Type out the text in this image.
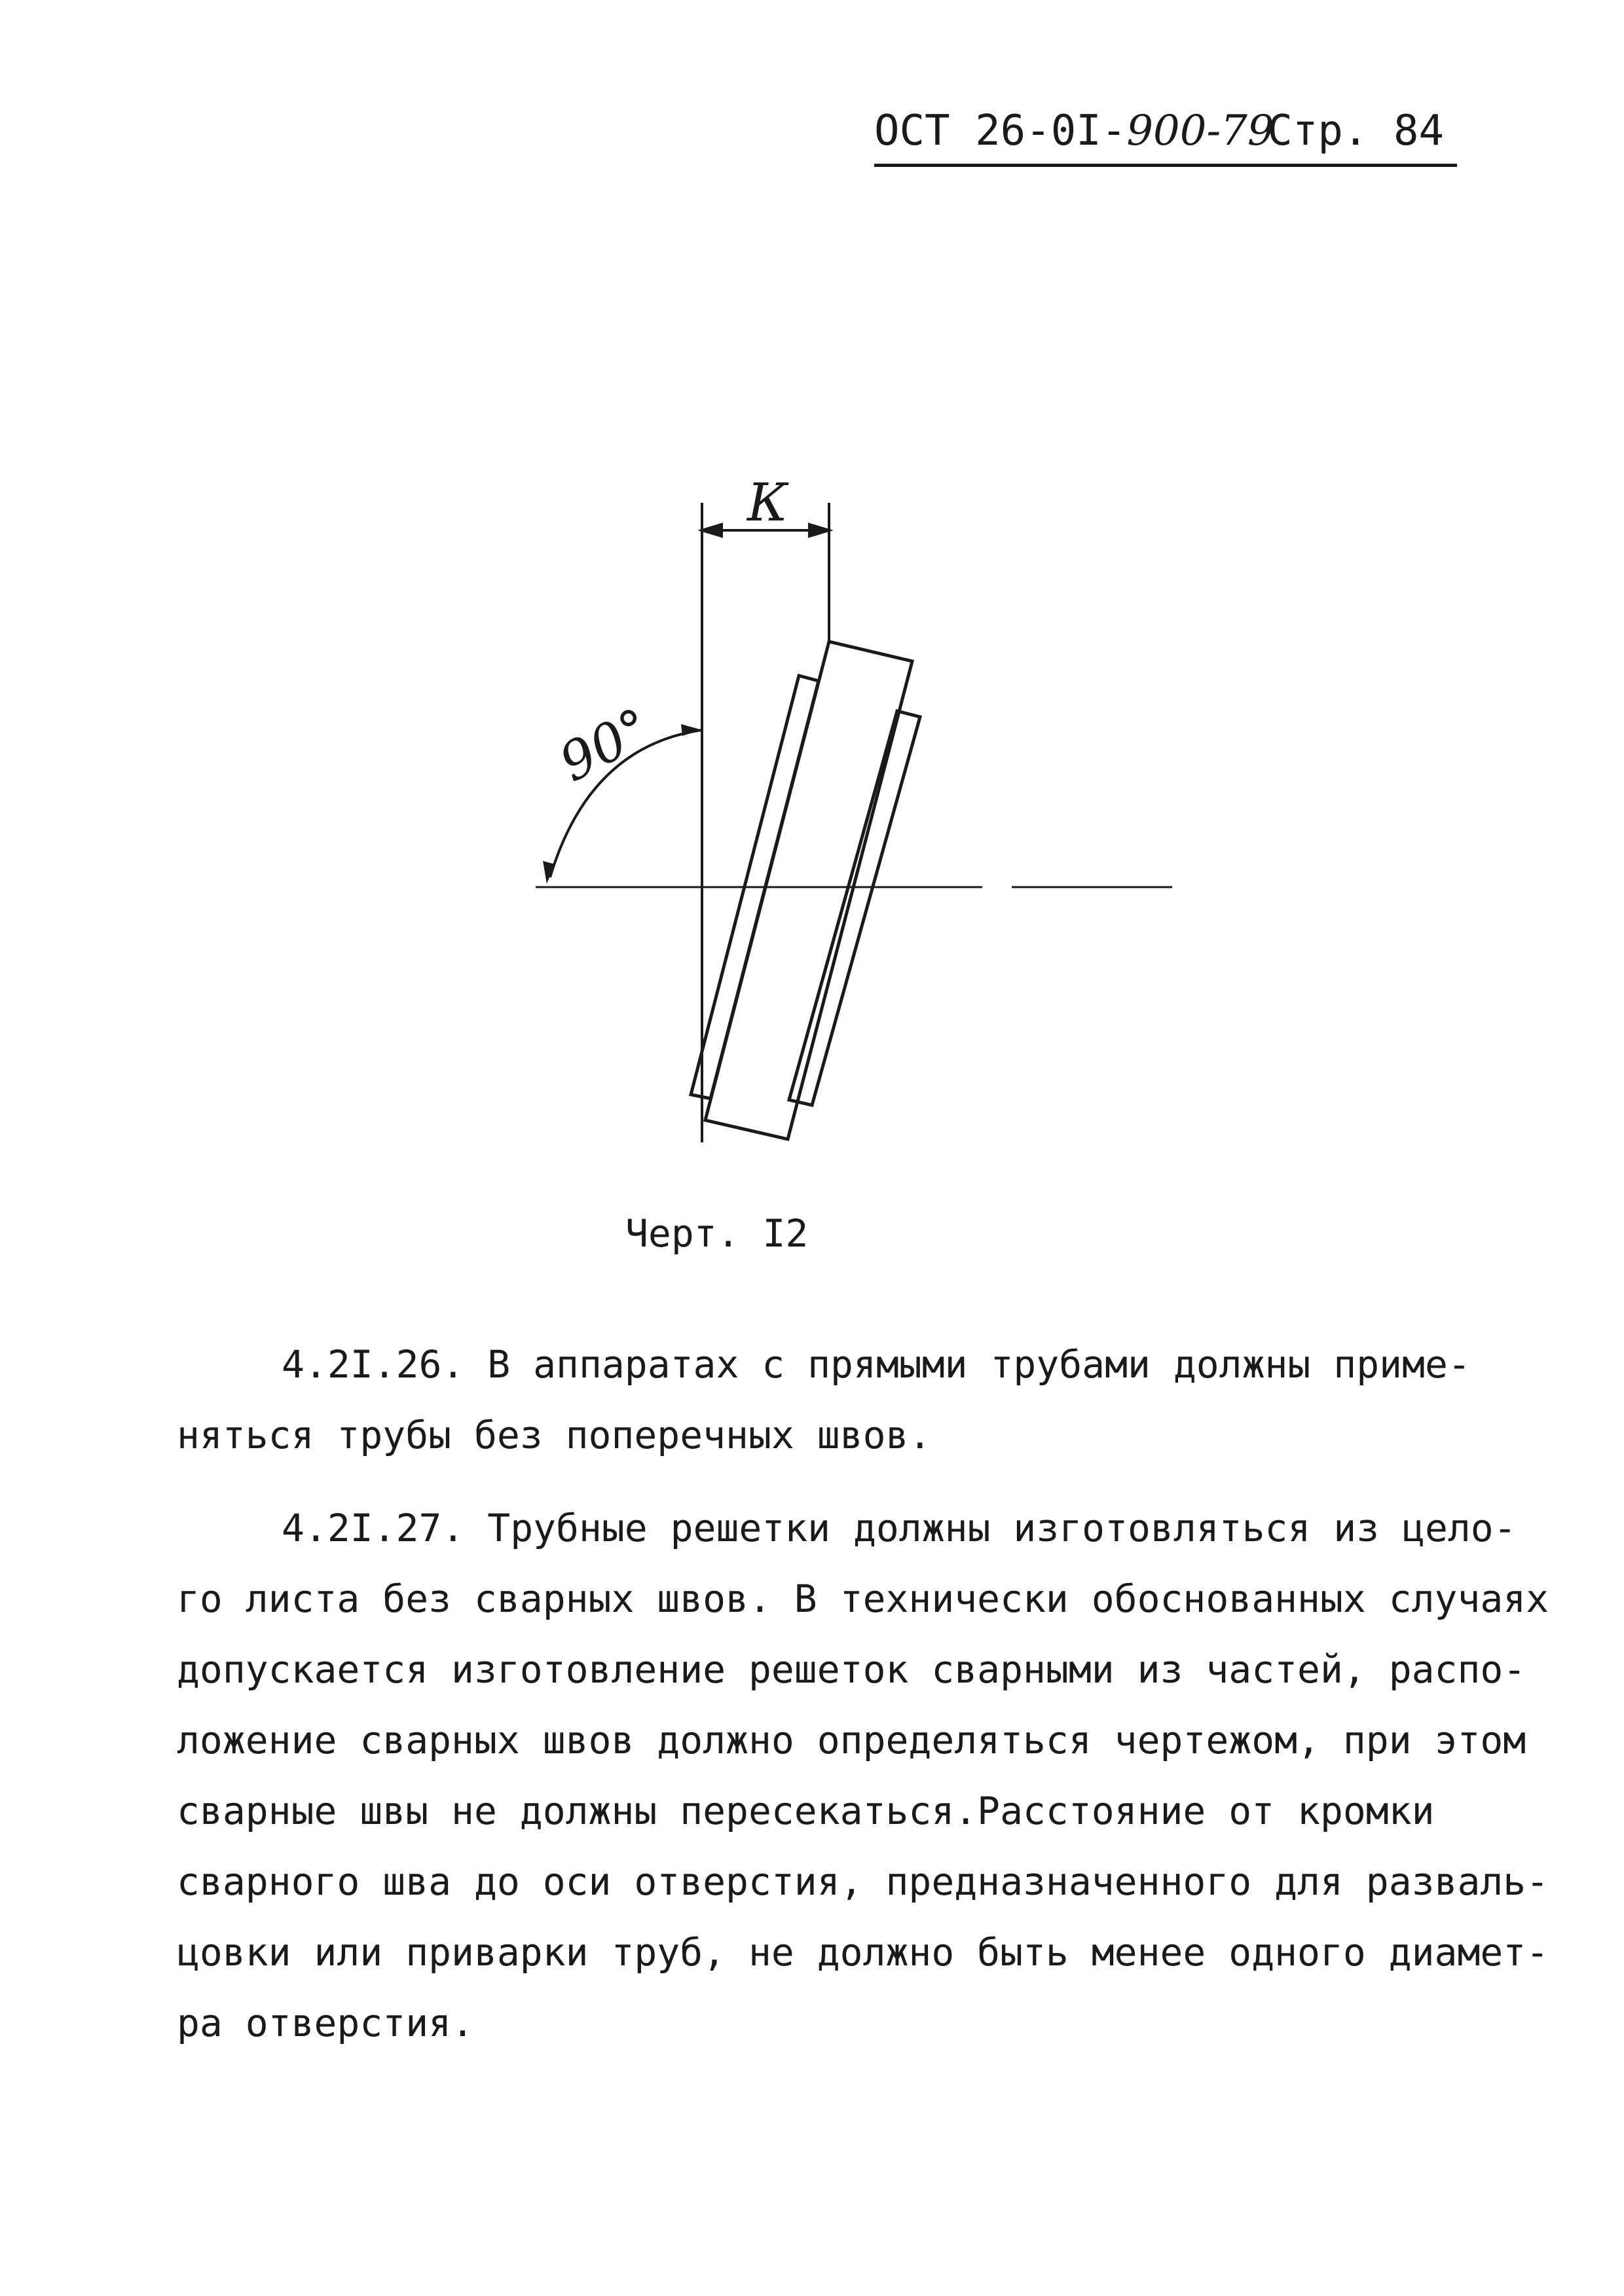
ОСТ 26-0I-900-79
Стр. 84
К
90°
Черт. I2
4.2I.26. В аппаратах с прямыми трубами должны приме-
няться трубы без поперечных швов.
4.2I.27. Трубные решетки должны изготовляться из цело-
го листа без сварных швов. В технически обоснованных случаях
допускается изготовление решеток сварными из частей, распо-
ложение сварных швов должно определяться чертежом, при этом
сварные швы не должны пересекаться.Расстояние от кромки
сварного шва до оси отверстия, предназначенного для разваль-
цовки или приварки труб, не должно быть менее одного диамет-
ра отверстия.
